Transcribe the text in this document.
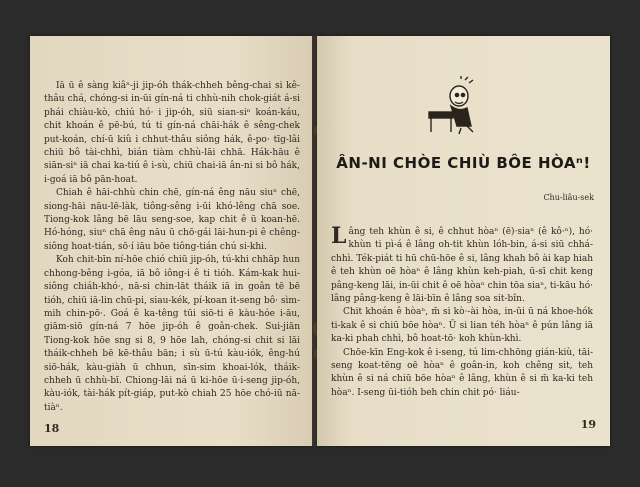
Iā ū ê sàng kiâⁿ-ji jip-óh thák-chheh bêng-chai si kê-thâu chá, chóng-si in-ūi gín-ná ti chhù-nih chok-giát á-si phái chiàu-kò, chiú hó· i jip-óh, siū sian-siⁿ koán-káu, chit khoán ê pē-bú, tú ti gín-ná chāi-hák ê sêng-chek put-koán, chí-ū kiû i chhut-thâu siông hák, ê-po· tīg-lâi chiū bô tài-chhì, bián tiàm chhù-lāi chhā. Hák-hāu ê siān-siⁿ iā chai ka-tiú ê i-sù, chiū chai-iā ân-ni si bô hák, i-goá iā bô pān-hoat.

Chiah ê hāi-chhù chin chē, gín-ná êng nāu siuⁿ chē, siong-hāi nāu-lē-làk, tiông-sêng i-ūi khó-lêng chā soe. Tiong-kok lâng bē lāu seng-soe, kap chit ê ū koan-hē. Hó-hóng, siuⁿ chā êng nāu ū chō·gái lāi-hun-pi ê chêng-siông hoat-tián, sō·í iāu bōe tiông-tián chú si-khi.

Koh chit-bīn ní-hōe chió chiū jip-óh, tú-khi chhāp hun chhong-bêng i-góa, iā bô iông-i ê ti tióh. Kám-kak hui-siông chiáh-khó·, nā-si chin-lāt tháik iā in goân tē bē tióh, chiū iā-lin chū-pi, siau-kék, pí-koan it-seng bô· sìm-mih chin-pō·. Goá ê ka-têng tūi siō-ti ē kàu-hóe i-āu, giām-siō gín-ná 7 hōe jip-óh ê goân-chek. Sui-jiān Tiong-kok hōe sng si 8, 9 hōe lah, chóng-si chit si lāi tháik-chheh bē kē-thâu bān; i sù ū-tú kàu-iók, êng-hú siō-hák, kàu-giàh ū chhun, sīn-sim khoai-lók, tháik-chheh ū chhù-bī. Chiong-lāi ná ū ki-hōe ū·i-seng jip-óh, kàu-iók, tài-hák pít-giáp, put-kò chiah 25 hōe chó-iū nā-tiàⁿ.

18
ÂN-NI CHÒE CHIÙ BÔE HÒAⁿ!
Chu-liâu-sek

Lâng teh khùn ê si, ê chhut hòaⁿ (ē)·siaⁿ (ê kô·ⁿ), hó· khùn ti pì-á ê lâng oh-tit khùn lóh-bin, á-si siū chhá-chhì. Ték-piát ti hū chū-hōe ê si, lâng khah bô ài kap hiah ê teh khùn oē hòaⁿ ê lâng khùn keh-piah, ū-sī chit keng pâng-keng lāi, in-ūi chit ê oē hòaⁿ chin tōa siaⁿ, ti-kāu hó· lâng pâng-keng ê lāi-bīn ê lâng soa sit-bîn.

Chit khoán ê hòaⁿ, m̄ si kò·-ài hòa, in-ūi ū ná khoe-hók ti-kak ê si chiū bōe hòaⁿ. Ū si lian téh hòaⁿ ê pún lâng iā ka-ki phah chhì, bô hoat-tō· koh khùn-khì.

Chōe-kīn Eng-kok ê i-seng, tú lim-chhōng gián-kiù, tāi-seng koat-tēng oē hòaⁿ ê goân-in, koh chêng sit, teh khùn ê si ná chiū bōe hòaⁿ ê lâng, khùn ê si m̄ ka-ki teh hòaⁿ. I-seng ūi-tióh beh chin chit pó· liáu-

19
